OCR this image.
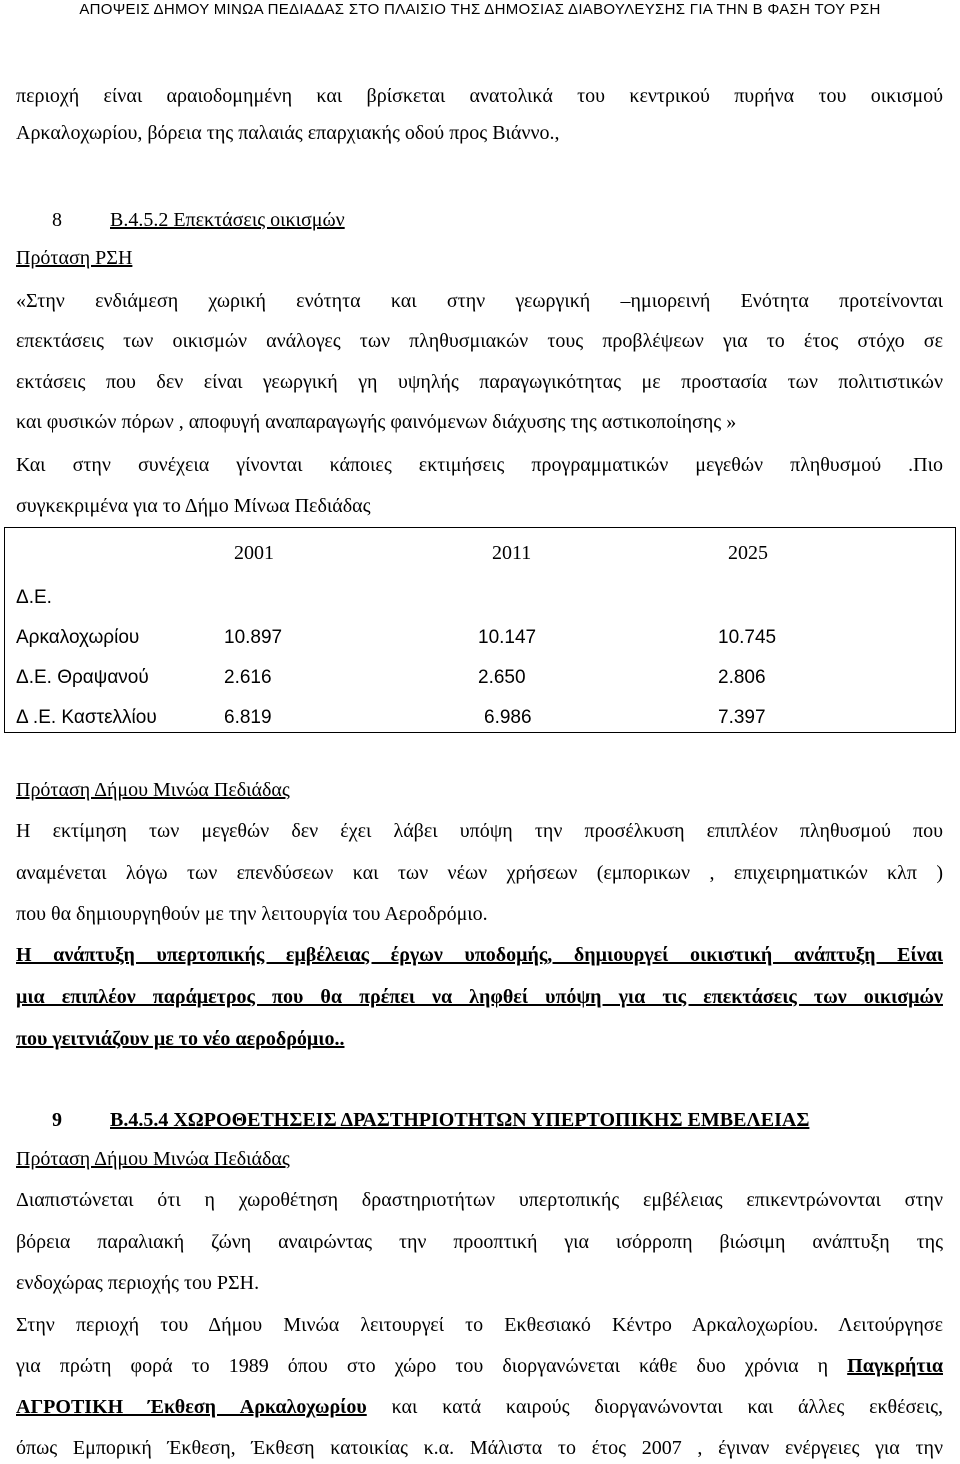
ΑΠΟΨΕΙΣ ΔΗΜΟΥ ΜΙΝΩΑ ΠΕΔΙΑΔΑΣ ΣΤΟ ΠΛΑΙΣΙΟ ΤΗΣ ΔΗΜΟΣΙΑΣ ΔΙΑΒΟΥΛΕΥΣΗΣ ΓΙΑ ΤΗΝ Β ΦΑΣΗ ΤΟΥ ΡΣΗ
περιοχή είναι αραιοδομημένη και βρίσκεται ανατολικά του κεντρικού πυρήνα του οικισμού
Αρκαλοχωρίου, βόρεια της παλαιάς επαρχιακής οδού προς Βιάννο.,
8 Β.4.5.2 Επεκτάσεις οικισμών
Πρόταση ΡΣΗ
«Στην ενδιάμεση χωρική ενότητα και στην γεωργική –ημιορεινή Ενότητα προτείνονται
επεκτάσεις των οικισμών ανάλογες των πληθυσμιακών τους προβλέψεων για το έτος στόχο σε
εκτάσεις που δεν είναι γεωργική γη υψηλής παραγωγικότητας με προστασία των πολιτιστικών
και φυσικών πόρων , αποφυγή αναπαραγωγής φαινόμενων διάχυσης της αστικοποίησης »
Και στην συνέχεια γίνονται κάποιες εκτιμήσεις προγραμματικών μεγεθών πληθυσμού .Πιο
συγκεκριμένα για το Δήμο Μίνωα Πεδιάδας
	2001	2011	2025
Δ.Ε.			
Αρκαλοχωρίου	10.897	10.147	10.745
Δ.Ε. Θραψανού	2.616	2.650	2.806
Δ .Ε. Καστελλίου	6.819	6.986	7.397
Πρόταση Δήμου Μινώα Πεδιάδας
Η εκτίμηση των μεγεθών δεν έχει λάβει υπόψη την προσέλκυση επιπλέον πληθυσμού που
αναμένεται λόγω των επενδύσεων και των νέων χρήσεων (εμπορικων , επιχειρηματικών κλπ )
που θα δημιουργηθούν με την λειτουργία του Αεροδρόμιο.
Η ανάπτυξη υπερτοπικής εμβέλειας έργων υποδομής, δημιουργεί οικιστική ανάπτυξη Είναι
μια επιπλέον παράμετρος που θα πρέπει να ληφθεί υπόψη για τις επεκτάσεις των οικισμών
που γειτνιάζουν με το νέο αεροδρόμιο..
9 Β.4.5.4 ΧΩΡΟΘΕΤΗΣΕΙΣ ΔΡΑΣΤΗΡΙΟΤΗΤΩΝ ΥΠΕΡΤΟΠΙΚΗΣ ΕΜΒΕΛΕΙΑΣ
Πρόταση Δήμου Μινώα Πεδιάδας
Διαπιστώνεται ότι η χωροθέτηση δραστηριοτήτων υπερτοπικής εμβέλειας επικεντρώνονται στην
βόρεια παραλιακή ζώνη αναιρώντας την προοπτική για ισόρροπη βιώσιμη ανάπτυξη της
ενδοχώρας περιοχής του ΡΣΗ.
Στην περιοχή του Δήμου Μινώα λειτουργεί το Εκθεσιακό Κέντρο Αρκαλοχωρίου. Λειτούργησε
για πρώτη φορά το 1989 όπου στο χώρο του διοργανώνεται κάθε δυο χρόνια η Παγκρήτια
ΑΓΡΟΤΙΚΗ Έκθεση Αρκαλοχωρίου και κατά καιρούς διοργανώνονται και άλλες εκθέσεις,
όπως Εμπορική Έκθεση, Έκθεση κατοικίας κ.α. Μάλιστα το έτος 2007 , έγιναν ενέργειες για την
